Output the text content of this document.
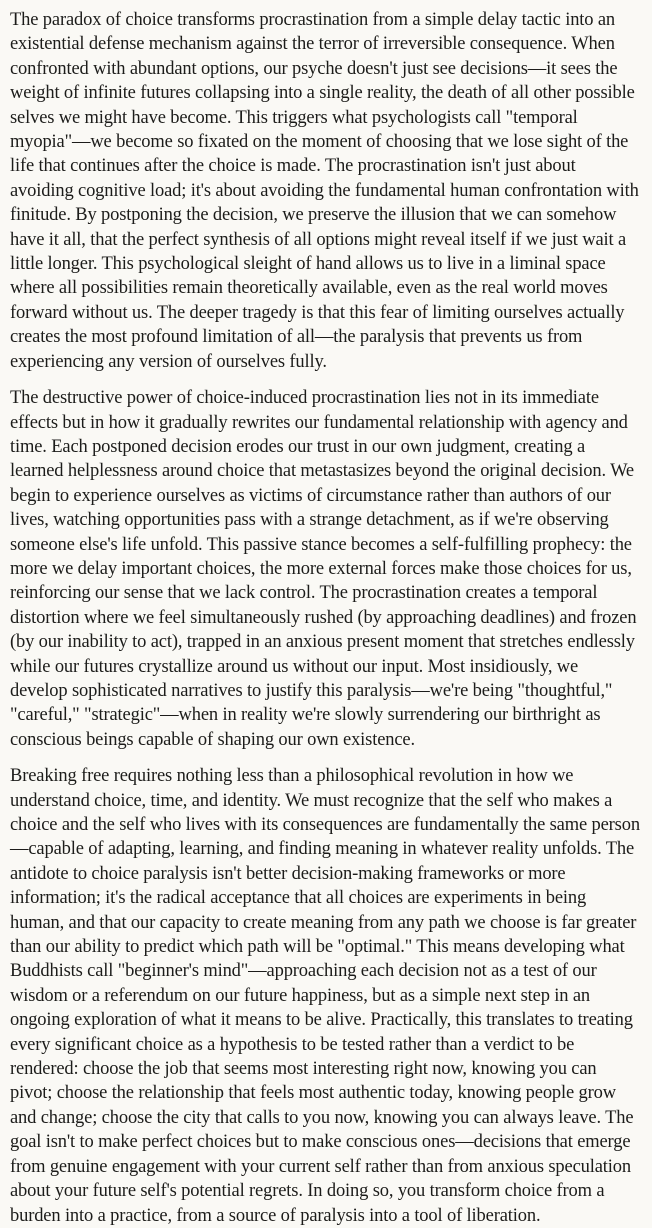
The paradox of choice transforms procrastination from a simple delay tactic into an existential defense mechanism against the terror of irreversible consequence. When confronted with abundant options, our psyche doesn't just see decisions—it sees the weight of infinite futures collapsing into a single reality, the death of all other possible selves we might have become. This triggers what psychologists call "temporal myopia"—we become so fixated on the moment of choosing that we lose sight of the life that continues after the choice is made. The procrastination isn't just about avoiding cognitive load; it's about avoiding the fundamental human confrontation with finitude. By postponing the decision, we preserve the illusion that we can somehow have it all, that the perfect synthesis of all options might reveal itself if we just wait a little longer. This psychological sleight of hand allows us to live in a liminal space where all possibilities remain theoretically available, even as the real world moves forward without us. The deeper tragedy is that this fear of limiting ourselves actually creates the most profound limitation of all—the paralysis that prevents us from experiencing any version of ourselves fully.

The destructive power of choice-induced procrastination lies not in its immediate effects but in how it gradually rewrites our fundamental relationship with agency and time. Each postponed decision erodes our trust in our own judgment, creating a learned helplessness around choice that metastasizes beyond the original decision. We begin to experience ourselves as victims of circumstance rather than authors of our lives, watching opportunities pass with a strange detachment, as if we're observing someone else's life unfold. This passive stance becomes a self-fulfilling prophecy: the more we delay important choices, the more external forces make those choices for us, reinforcing our sense that we lack control. The procrastination creates a temporal distortion where we feel simultaneously rushed (by approaching deadlines) and frozen (by our inability to act), trapped in an anxious present moment that stretches endlessly while our futures crystallize around us without our input. Most insidiously, we develop sophisticated narratives to justify this paralysis—we're being "thoughtful," "careful," "strategic"—when in reality we're slowly surrendering our birthright as conscious beings capable of shaping our own existence.

Breaking free requires nothing less than a philosophical revolution in how we understand choice, time, and identity. We must recognize that the self who makes a choice and the self who lives with its consequences are fundamentally the same person—capable of adapting, learning, and finding meaning in whatever reality unfolds. The antidote to choice paralysis isn't better decision-making frameworks or more information; it's the radical acceptance that all choices are experiments in being human, and that our capacity to create meaning from any path we choose is far greater than our ability to predict which path will be "optimal." This means developing what Buddhists call "beginner's mind"—approaching each decision not as a test of our wisdom or a referendum on our future happiness, but as a simple next step in an ongoing exploration of what it means to be alive. Practically, this translates to treating every significant choice as a hypothesis to be tested rather than a verdict to be rendered: choose the job that seems most interesting right now, knowing you can pivot; choose the relationship that feels most authentic today, knowing people grow and change; choose the city that calls to you now, knowing you can always leave. The goal isn't to make perfect choices but to make conscious ones—decisions that emerge from genuine engagement with your current self rather than from anxious speculation about your future self's potential regrets. In doing so, you transform choice from a burden into a practice, from a source of paralysis into a tool of liberation.
